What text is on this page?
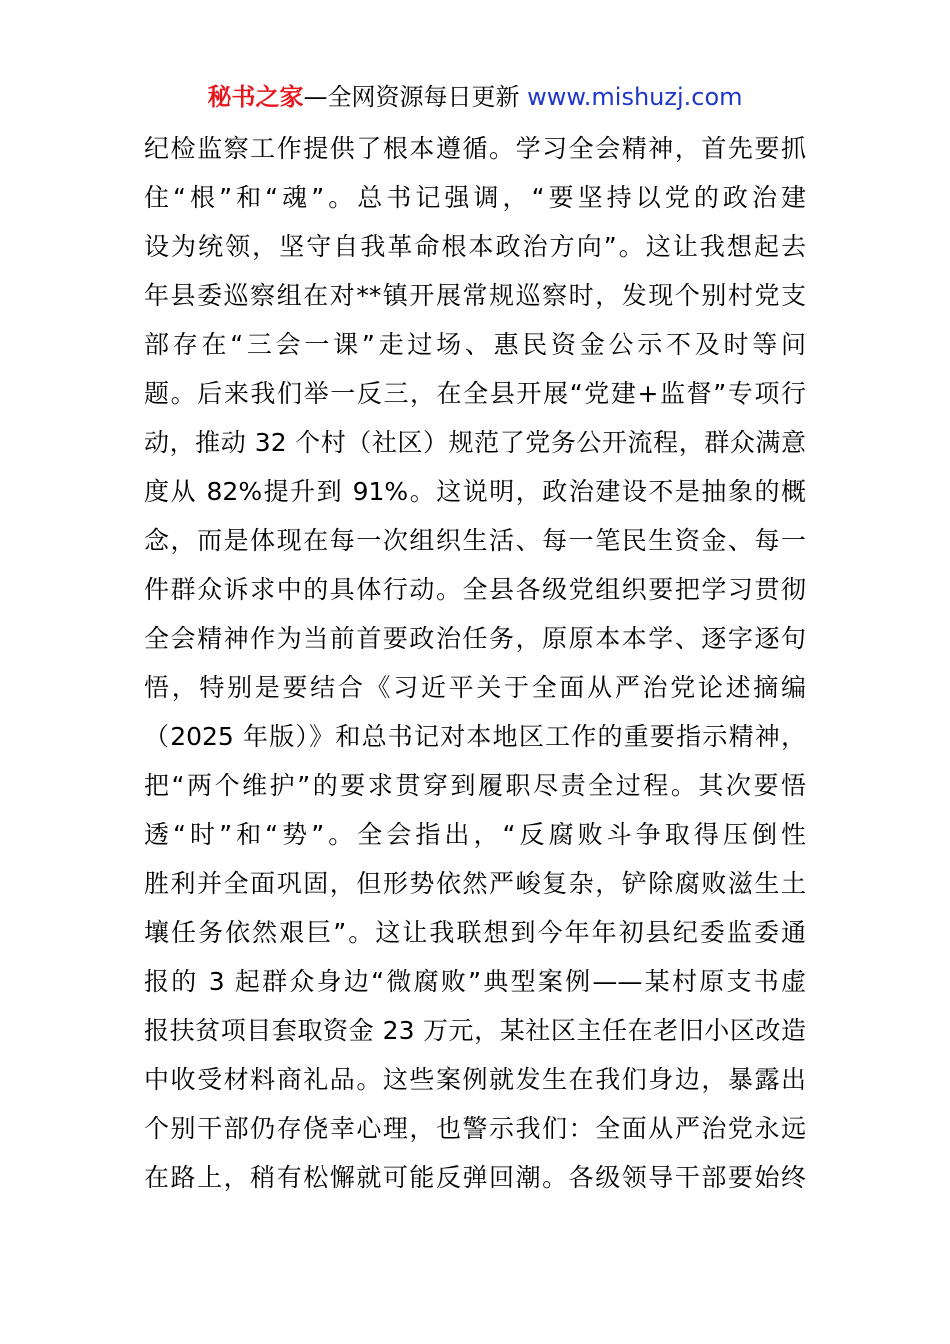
秘书之家—全网资源每日更新 www.mishuzj.com
纪检监察工作提供了根本遵循。学习全会精神，首先要抓
住“根”和“魂”。总书记强调，“要坚持以党的政治建
设为统领，坚守自我革命根本政治方向”。这让我想起去
年县委巡察组在对**镇开展常规巡察时，发现个别村党支
部存在“三会一课”走过场、惠民资金公示不及时等问
题。后来我们举一反三，在全县开展“党建+监督”专项行
动，推动 32 个村（社区）规范了党务公开流程，群众满意
度从 82%提升到 91%。这说明，政治建设不是抽象的概
念，而是体现在每一次组织生活、每一笔民生资金、每一
件群众诉求中的具体行动。全县各级党组织要把学习贯彻
全会精神作为当前首要政治任务，原原本本学、逐字逐句
悟，特别是要结合《习近平关于全面从严治党论述摘编
（2025 年版）》和总书记对本地区工作的重要指示精神，
把“两个维护”的要求贯穿到履职尽责全过程。其次要悟
透“时”和“势”。全会指出，“反腐败斗争取得压倒性
胜利并全面巩固，但形势依然严峻复杂，铲除腐败滋生土
壤任务依然艰巨”。这让我联想到今年年初县纪委监委通
报的 3 起群众身边“微腐败”典型案例——某村原支书虚
报扶贫项目套取资金 23 万元，某社区主任在老旧小区改造
中收受材料商礼品。这些案例就发生在我们身边，暴露出
个别干部仍存侥幸心理，也警示我们：全面从严治党永远
在路上，稍有松懈就可能反弹回潮。各级领导干部要始终
